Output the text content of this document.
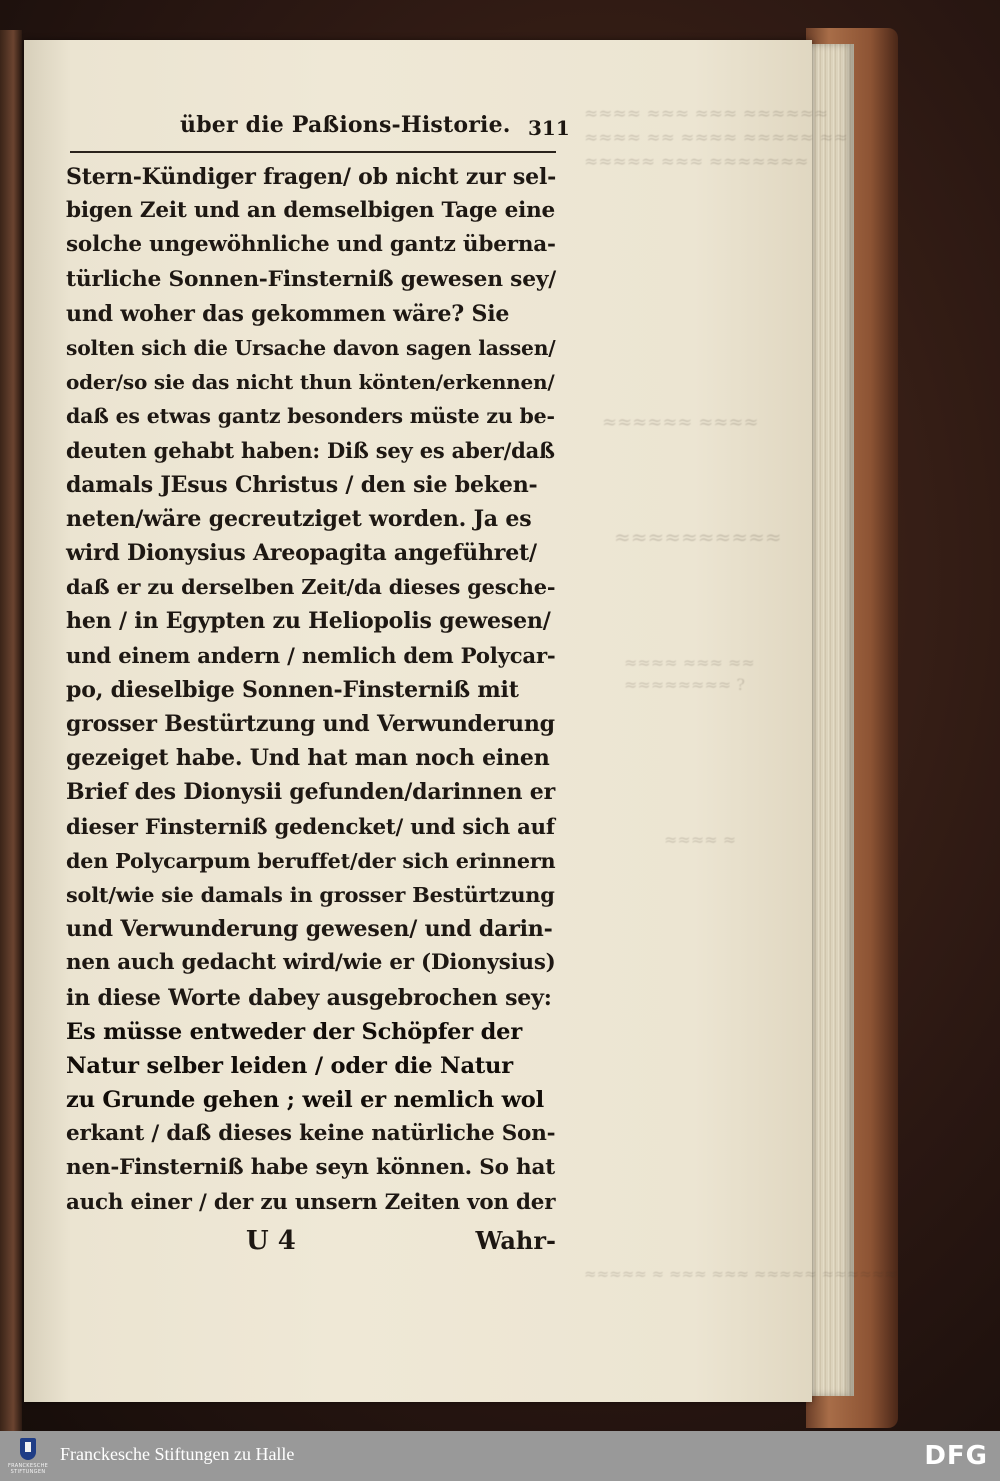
≈≈≈≈ ≈≈≈ ≈≈≈ ≈≈≈≈≈≈
≈≈≈≈ ≈≈ ≈≈≈≈ ≈≈≈≈≈ ≈≈
≈≈≈≈≈ ≈≈≈ ≈≈≈≈≈≈≈
≈≈≈≈≈≈ ≈≈≈≈
≈≈≈≈≈≈≈≈≈≈
≈≈≈≈ ≈≈≈ ≈≈
≈≈≈≈≈≈≈≈ ?
≈≈≈≈ ≈
≈≈≈≈≈ ≈ ≈≈≈ ≈≈≈ ≈≈≈≈≈ ≈≈≈≈≈≈
über die Paßions-Historie. 311
Stern-Kündiger fragen/ ob nicht zur sel-
bigen Zeit und an demselbigen Tage eine
solche ungewöhnliche und gantz überna-
türliche Sonnen-Finsterniß gewesen sey/
und woher das gekommen wäre? Sie
solten sich die Ursache davon sagen lassen/
oder/so sie das nicht thun könten/erkennen/
daß es etwas gantz besonders müste zu be-
deuten gehabt haben: Diß sey es aber/daß
damals JEsus Christus / den sie beken-
neten/wäre gecreutziget worden. Ja es
wird Dionysius Areopagita angeführet/
daß er zu derselben Zeit/da dieses gesche-
hen / in Egypten zu Heliopolis gewesen/
und einem andern / nemlich dem Polycar-
po, dieselbige Sonnen-Finsterniß mit
grosser Bestürtzung und Verwunderung
gezeiget habe. Und hat man noch einen
Brief des Dionysii gefunden/darinnen er
dieser Finsterniß gedencket/ und sich auf
den Polycarpum beruffet/der sich erinnern
solt/wie sie damals in grosser Bestürtzung
und Verwunderung gewesen/ und darin-
nen auch gedacht wird/wie er (Dionysius)
in diese Worte dabey ausgebrochen sey:
Es müsse entweder der Schöpfer der
Natur selber leiden / oder die Natur
zu Grunde gehen ; weil er nemlich wol
erkant / daß dieses keine natürliche Son-
nen-Finsterniß habe seyn können. So hat
auch einer / der zu unsern Zeiten von der
U 4	Wahr-
FRANCKESCHE STIFTUNGEN
Franckesche Stiftungen zu Halle	DFG
